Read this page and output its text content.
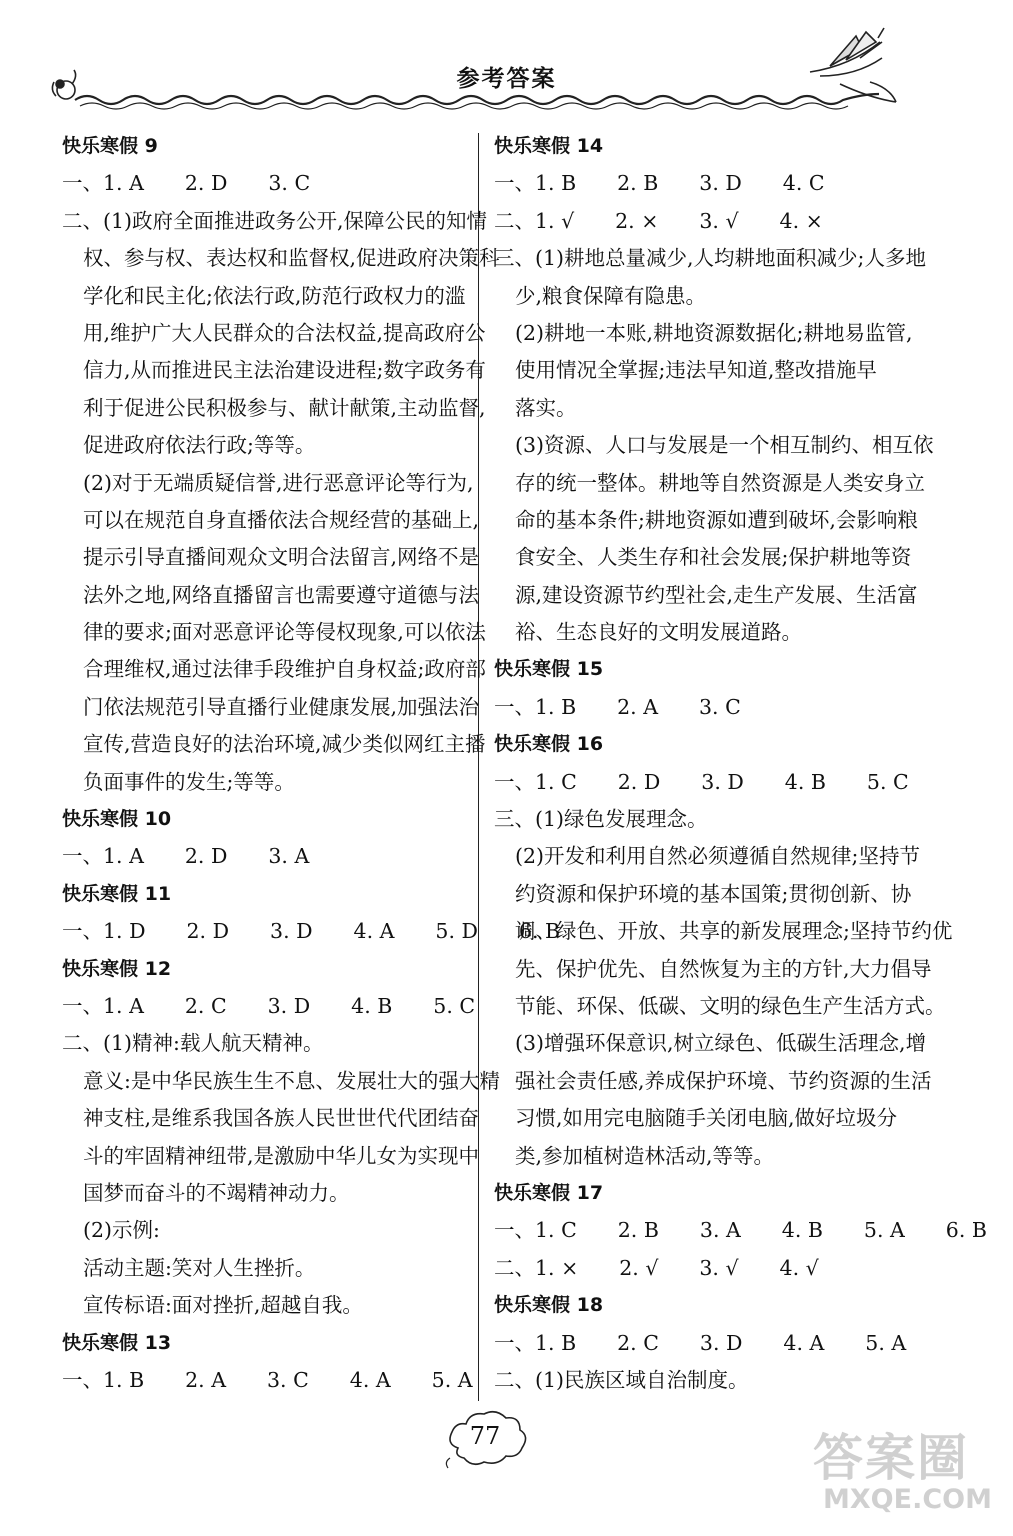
参考答案
快乐寒假 9
一、1. A　　2. D　　3. C
二、(1)政府全面推进政务公开,保障公民的知情
权、参与权、表达权和监督权,促进政府决策科
学化和民主化;依法行政,防范行政权力的滥
用,维护广大人民群众的合法权益,提高政府公
信力,从而推进民主法治建设进程;数字政务有
利于促进公民积极参与、献计献策,主动监督,
促进政府依法行政;等等。
(2)对于无端质疑信誉,进行恶意评论等行为,
可以在规范自身直播依法合规经营的基础上,
提示引导直播间观众文明合法留言,网络不是
法外之地,网络直播留言也需要遵守道德与法
律的要求;面对恶意评论等侵权现象,可以依法
合理维权,通过法律手段维护自身权益;政府部
门依法规范引导直播行业健康发展,加强法治
宣传,营造良好的法治环境,减少类似网红主播
负面事件的发生;等等。
快乐寒假 10
一、1. A　　2. D　　3. A
快乐寒假 11
一、1. D　　2. D　　3. D　　4. A　　5. D　　6. B
快乐寒假 12
一、1. A　　2. C　　3. D　　4. B　　5. C
二、(1)精神:载人航天精神。
意义:是中华民族生生不息、发展壮大的强大精
神支柱,是维系我国各族人民世世代代团结奋
斗的牢固精神纽带,是激励中华儿女为实现中
国梦而奋斗的不竭精神动力。
(2)示例:
活动主题:笑对人生挫折。
宣传标语:面对挫折,超越自我。
快乐寒假 13
一、1. B　　2. A　　3. C　　4. A　　5. A
快乐寒假 14
一、1. B　　2. B　　3. D　　4. C
二、1. √　　2. ×　　3. √　　4. ×
三、(1)耕地总量减少,人均耕地面积减少;人多地
少,粮食保障有隐患。
(2)耕地一本账,耕地资源数据化;耕地易监管,
使用情况全掌握;违法早知道,整改措施早
落实。
(3)资源、人口与发展是一个相互制约、相互依
存的统一整体。耕地等自然资源是人类安身立
命的基本条件;耕地资源如遭到破坏,会影响粮
食安全、人类生存和社会发展;保护耕地等资
源,建设资源节约型社会,走生产发展、生活富
裕、生态良好的文明发展道路。
快乐寒假 15
一、1. B　　2. A　　3. C
快乐寒假 16
一、1. C　　2. D　　3. D　　4. B　　5. C
三、(1)绿色发展理念。
(2)开发和利用自然必须遵循自然规律;坚持节
约资源和保护环境的基本国策;贯彻创新、协
调、绿色、开放、共享的新发展理念;坚持节约优
先、保护优先、自然恢复为主的方针,大力倡导
节能、环保、低碳、文明的绿色生产生活方式。
(3)增强环保意识,树立绿色、低碳生活理念,增
强社会责任感,养成保护环境、节约资源的生活
习惯,如用完电脑随手关闭电脑,做好垃圾分
类,参加植树造林活动,等等。
快乐寒假 17
一、1. C　　2. B　　3. A　　4. B　　5. A　　6. B
二、1. ×　　2. √　　3. √　　4. √
快乐寒假 18
一、1. B　　2. C　　3. D　　4. A　　5. A
二、(1)民族区域自治制度。
77	答案圈
MXQE.COM
